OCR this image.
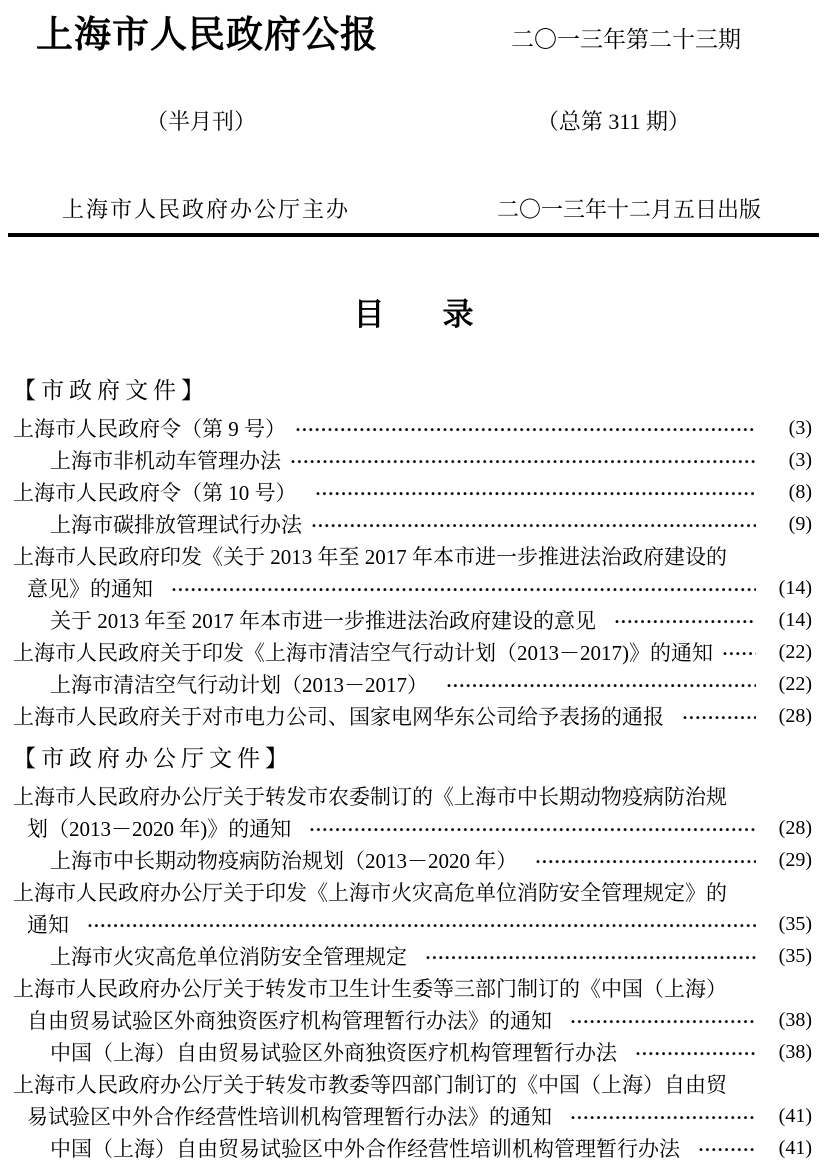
上海市人民政府公报	二〇一三年第二十三期
（半月刊）	（总第 311 期）
上海市人民政府办公厅主办	二〇一三年十二月五日出版
目 录
【市政府文件】
上海市人民政府令（第 9 号）	(3)
上海市非机动车管理办法	(3)
上海市人民政府令（第 10 号）	(8)
上海市碳排放管理试行办法	(9)
上海市人民政府印发《关于 2013 年至 2017 年本市进一步推进法治政府建设的
意见》的通知	(14)
关于 2013 年至 2017 年本市进一步推进法治政府建设的意见	(14)
上海市人民政府关于印发《上海市清洁空气行动计划（2013－2017)》的通知	(22)
上海市清洁空气行动计划（2013－2017）	(22)
上海市人民政府关于对市电力公司、国家电网华东公司给予表扬的通报	(28)
【市政府办公厅文件】
上海市人民政府办公厅关于转发市农委制订的《上海市中长期动物疫病防治规
划（2013－2020 年)》的通知	(28)
上海市中长期动物疫病防治规划（2013－2020 年）	(29)
上海市人民政府办公厅关于印发《上海市火灾高危单位消防安全管理规定》的
通知	(35)
上海市火灾高危单位消防安全管理规定	(35)
上海市人民政府办公厅关于转发市卫生计生委等三部门制订的《中国（上海）
自由贸易试验区外商独资医疗机构管理暂行办法》的通知	(38)
中国（上海）自由贸易试验区外商独资医疗机构管理暂行办法	(38)
上海市人民政府办公厅关于转发市教委等四部门制订的《中国（上海）自由贸
易试验区中外合作经营性培训机构管理暂行办法》的通知	(41)
中国（上海）自由贸易试验区中外合作经营性培训机构管理暂行办法	(41)
